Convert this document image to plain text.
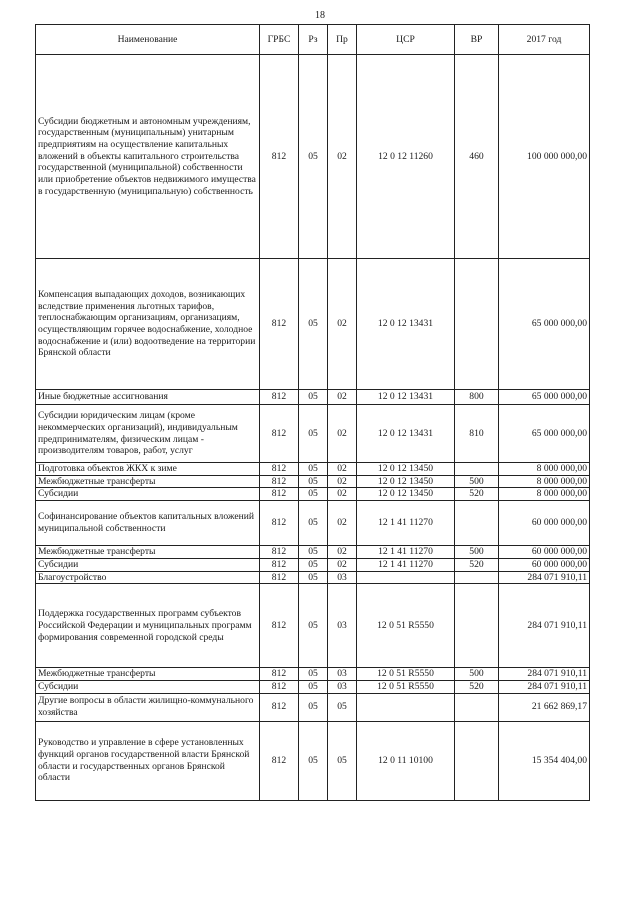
18
Наименование	ГРБС	Рз	Пр	ЦСР	ВР	2017 год
Субсидии бюджетным и автономным учреждениям, государственным (муниципальным) унитарным предприятиям на осуществление капитальных вложений в объекты капитального строительства государственной (муниципальной) собственности или приобретение объектов недвижимого имущества в государственную (муниципальную) собственность	812	05	02	12 0 12 11260	460	100 000 000,00
Компенсация выпадающих доходов, возникающих вследствие применения льготных тарифов, теплоснабжающим организациям, организациям, осуществляющим горячее водоснабжение, холодное водоснабжение и (или) водоотведение на территории Брянской области	812	05	02	12 0 12 13431		65 000 000,00
Иные бюджетные ассигнования	812	05	02	12 0 12 13431	800	65 000 000,00
Субсидии юридическим лицам (кроме некоммерческих организаций), индивидуальным предпринимателям, физическим лицам - производителям товаров, работ, услуг	812	05	02	12 0 12 13431	810	65 000 000,00
Подготовка объектов ЖКХ к зиме	812	05	02	12 0 12 13450		8 000 000,00
Межбюджетные трансферты	812	05	02	12 0 12 13450	500	8 000 000,00
Субсидии	812	05	02	12 0 12 13450	520	8 000 000,00
Софинансирование объектов капитальных вложений муниципальной собственности	812	05	02	12 1 41 11270		60 000 000,00
Межбюджетные трансферты	812	05	02	12 1 41 11270	500	60 000 000,00
Субсидии	812	05	02	12 1 41 11270	520	60 000 000,00
Благоустройство	812	05	03			284 071 910,11
Поддержка государственных программ субъектов Российской Федерации и муниципальных программ формирования современной городской среды	812	05	03	12 0 51 R5550		284 071 910,11
Межбюджетные трансферты	812	05	03	12 0 51 R5550	500	284 071 910,11
Субсидии	812	05	03	12 0 51 R5550	520	284 071 910,11
Другие вопросы в области жилищно-коммунального хозяйства	812	05	05			21 662 869,17
Руководство и управление в сфере установленных функций органов государственной власти Брянской области и государственных органов Брянской области	812	05	05	12 0 11 10100		15 354 404,00
